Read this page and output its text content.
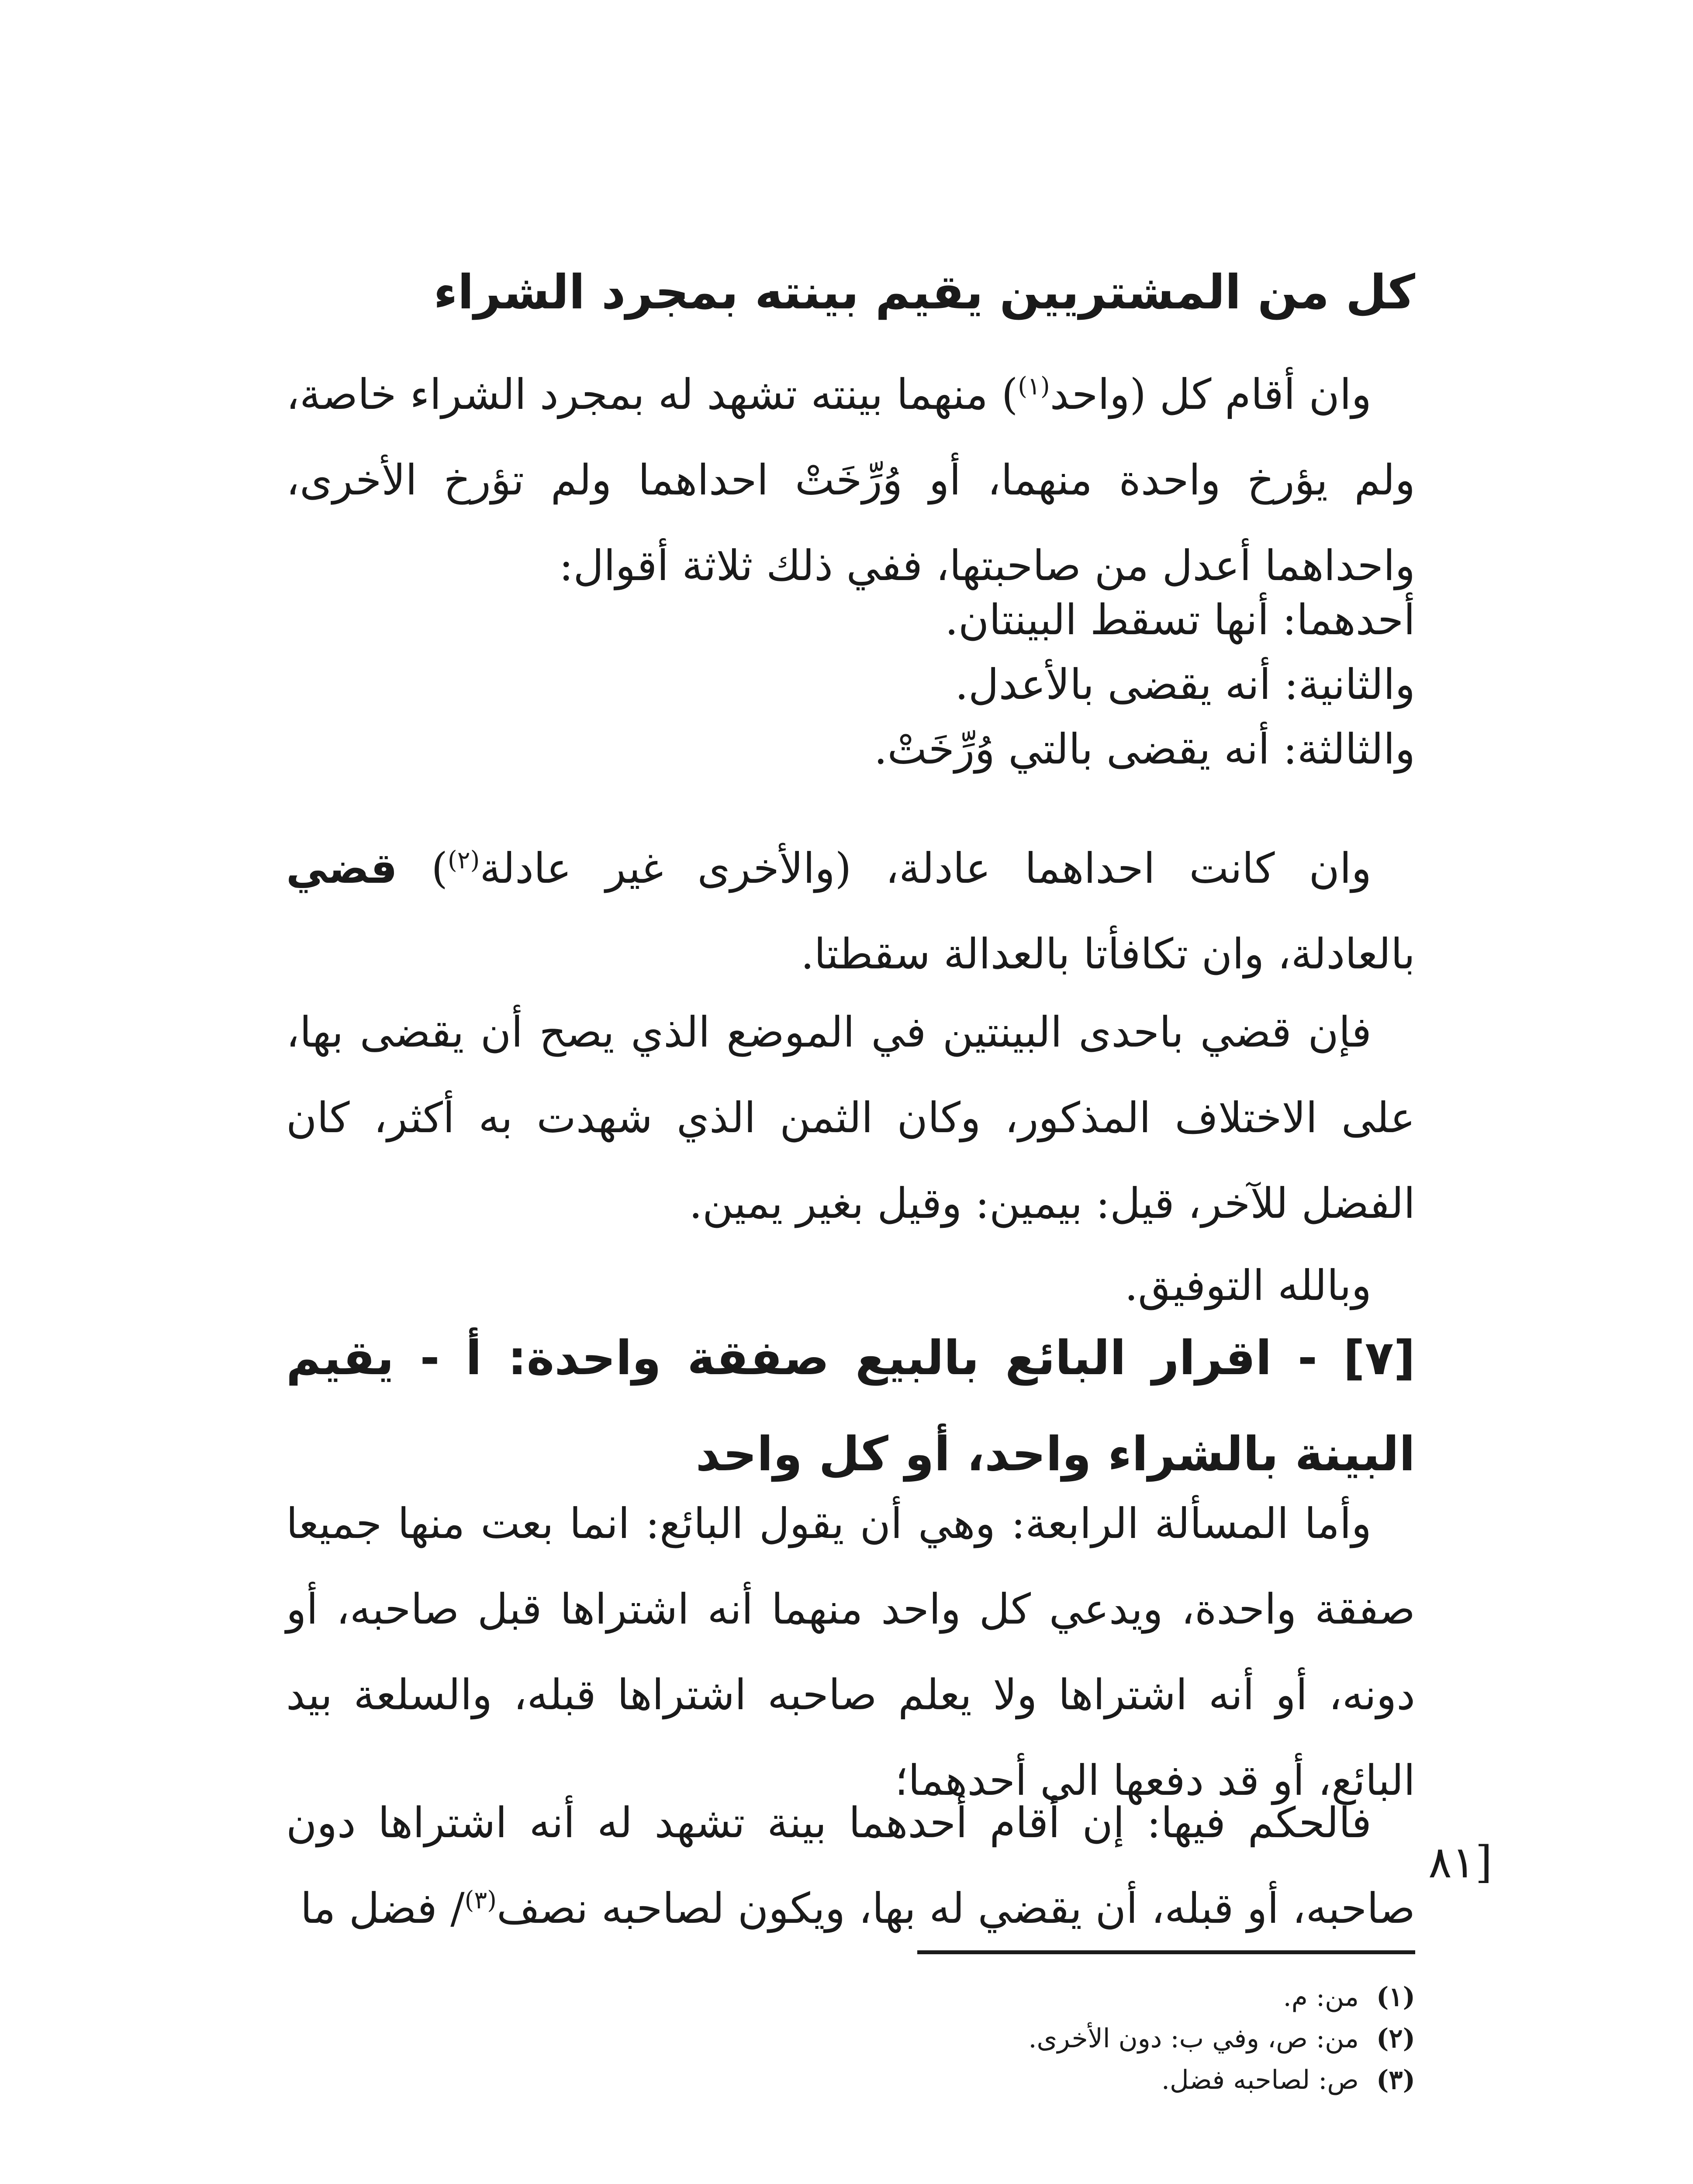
كل من المشتريين يقيم بينته بمجرد الشراء
وان أقام كل (واحد$^{(١)}$) منهما بينته تشهد له بمجرد الشراء خاصة، ولم يؤرخ واحدة منهما، أو وُرِّخَتْ احداهما ولم تؤرخ الأخرى، واحداهما أعدل من صاحبتها، ففي ذلك ثلاثة أقوال:
أحدهما: أنها تسقط البينتان.
والثانية: أنه يقضى بالأعدل.
والثالثة: أنه يقضى بالتي وُرِّخَتْ.
وان كانت احداهما عادلة، (والأخرى غير عادلة$^{(٢)}$) قضي بالعادلة، وان تكافأتا بالعدالة سقطتا.
فإن قضي باحدى البينتين في الموضع الذي يصح أن يقضى بها، على الاختلاف المذكور، وكان الثمن الذي شهدت به أكثر، كان الفضل للآخر، قيل: بيمين: وقيل بغير يمين.
وبالله التوفيق.
[٧] - اقرار البائع بالبيع صفقة واحدة: أ - يقيم البينة بالشراء واحد، أو كل واحد
وأما المسألة الرابعة: وهي أن يقول البائع: انما بعت منها جميعا صفقة واحدة، ويدعي كل واحد منهما أنه اشتراها قبل صاحبه، أو دونه، أو أنه اشتراها ولا يعلم صاحبه اشتراها قبله، والسلعة بيد البائع، أو قد دفعها الى أحدهما؛
فالحكم فيها: إن أقام أحدهما بينة تشهد له أنه اشتراها دون صاحبه، أو قبله، أن يقضي له بها، ويكون لصاحبه نصف$^{(٣)}$/ فضل ما
[٨١
(١)من: م.
(٢)من: ص، وفي ب: دون الأخرى.
(٣)ص: لصاحبه فضل.
